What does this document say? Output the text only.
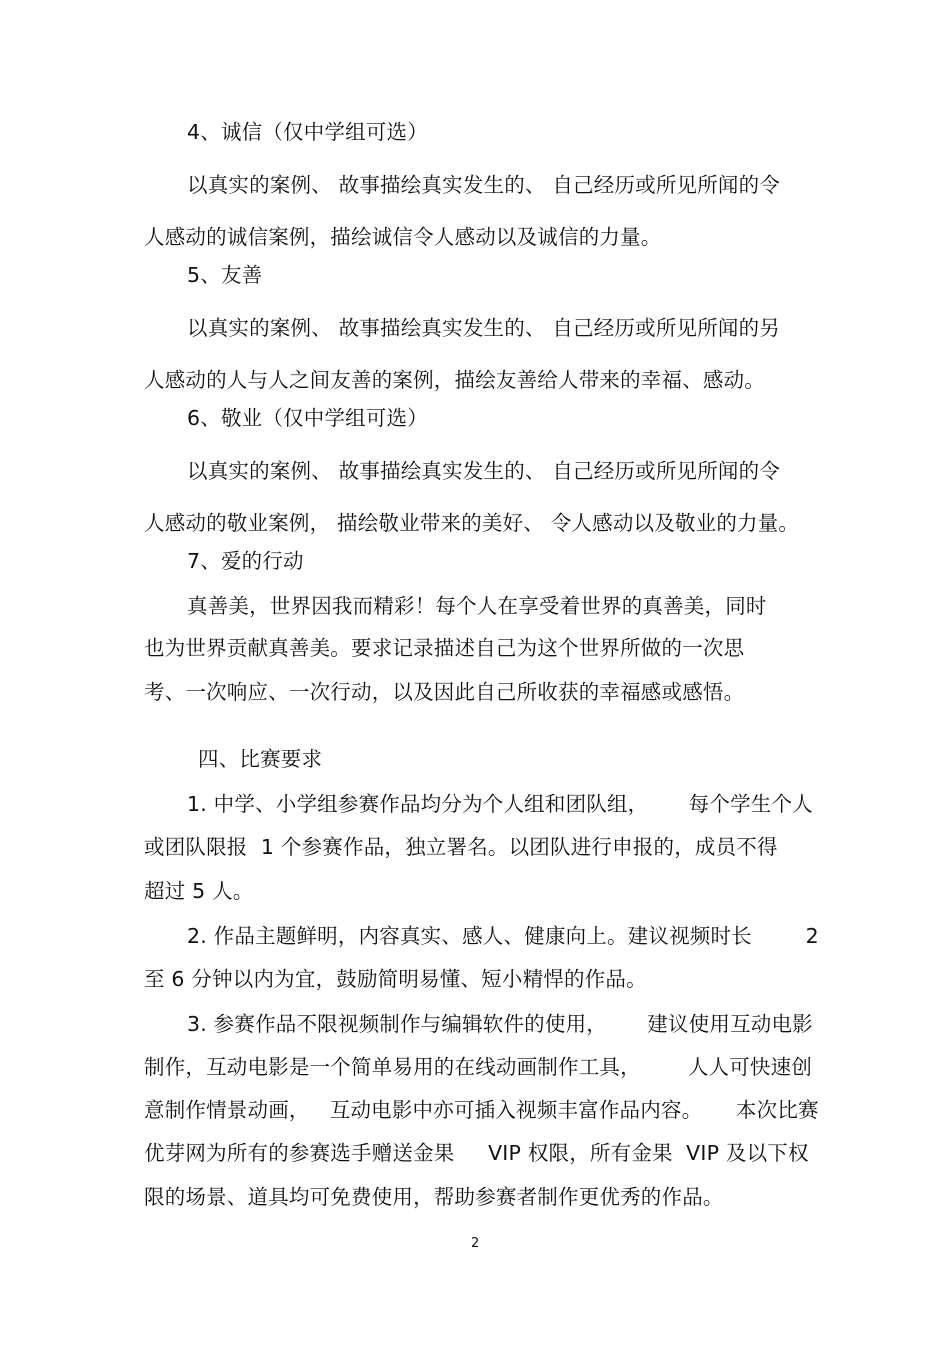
4、诚信（仅中学组可选）
以真实的案例、 故事描绘真实发生的、 自己经历或所见所闻的令
人感动的诚信案例，描绘诚信令人感动以及诚信的力量。
5、友善
以真实的案例、 故事描绘真实发生的、 自己经历或所见所闻的另
人感动的人与人之间友善的案例，描绘友善给人带来的幸福、感动。
6、敬业（仅中学组可选）
以真实的案例、 故事描绘真实发生的、 自己经历或所见所闻的令
人感动的敬业案例， 描绘敬业带来的美好、 令人感动以及敬业的力量。
7、爱的行动
真善美，世界因我而精彩！每个人在享受着世界的真善美，同时
也为世界贡献真善美。要求记录描述自己为这个世界所做的一次思
考、一次响应、一次行动，以及因此自己所收获的幸福感或感悟。
四、比赛要求
1. 中学、小学组参赛作品均分为个人组和团队组，      每个学生个人
或团队限报  1 个参赛作品，独立署名。以团队进行申报的，成员不得
超过 5 人。
2. 作品主题鲜明，内容真实、感人、健康向上。建议视频时长        2
至 6 分钟以内为宜，鼓励简明易懂、短小精悍的作品。
3. 参赛作品不限视频制作与编辑软件的使用，      建议使用互动电影
制作，互动电影是一个简单易用的在线动画制作工具，       人人可快速创
意制作情景动画，   互动电影中亦可插入视频丰富作品内容。     本次比赛
优芽网为所有的参赛选手赠送金果     VIP 权限，所有金果  VIP 及以下权
限的场景、道具均可免费使用，帮助参赛者制作更优秀的作品。
2
